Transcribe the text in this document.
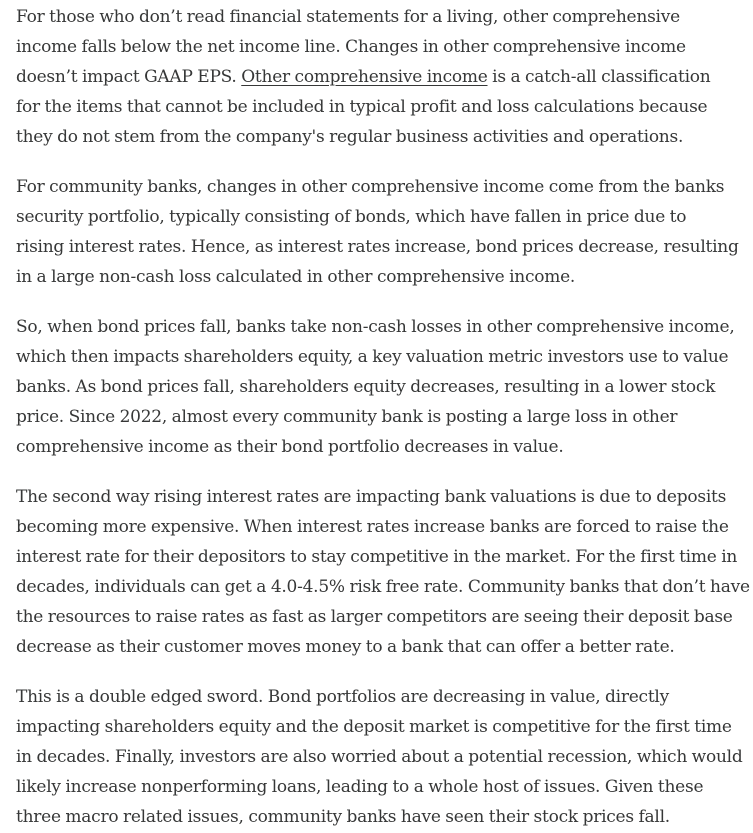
For those who don’t read financial statements for a living, other comprehensive
income falls below the net income line. Changes in other comprehensive income
doesn’t impact GAAP EPS. Other comprehensive income is a catch-all classification
for the items that cannot be included in typical profit and loss calculations because
they do not stem from the company's regular business activities and operations.

For community banks, changes in other comprehensive income come from the banks
security portfolio, typically consisting of bonds, which have fallen in price due to
rising interest rates. Hence, as interest rates increase, bond prices decrease, resulting
in a large non-cash loss calculated in other comprehensive income.

So, when bond prices fall, banks take non-cash losses in other comprehensive income,
which then impacts shareholders equity, a key valuation metric investors use to value
banks. As bond prices fall, shareholders equity decreases, resulting in a lower stock
price. Since 2022, almost every community bank is posting a large loss in other
comprehensive income as their bond portfolio decreases in value.

The second way rising interest rates are impacting bank valuations is due to deposits
becoming more expensive. When interest rates increase banks are forced to raise the
interest rate for their depositors to stay competitive in the market. For the first time in
decades, individuals can get a 4.0-4.5% risk free rate. Community banks that don’t have
the resources to raise rates as fast as larger competitors are seeing their deposit base
decrease as their customer moves money to a bank that can offer a better rate.

This is a double edged sword. Bond portfolios are decreasing in value, directly
impacting shareholders equity and the deposit market is competitive for the first time
in decades. Finally, investors are also worried about a potential recession, which would
likely increase nonperforming loans, leading to a whole host of issues. Given these
three macro related issues, community banks have seen their stock prices fall.
